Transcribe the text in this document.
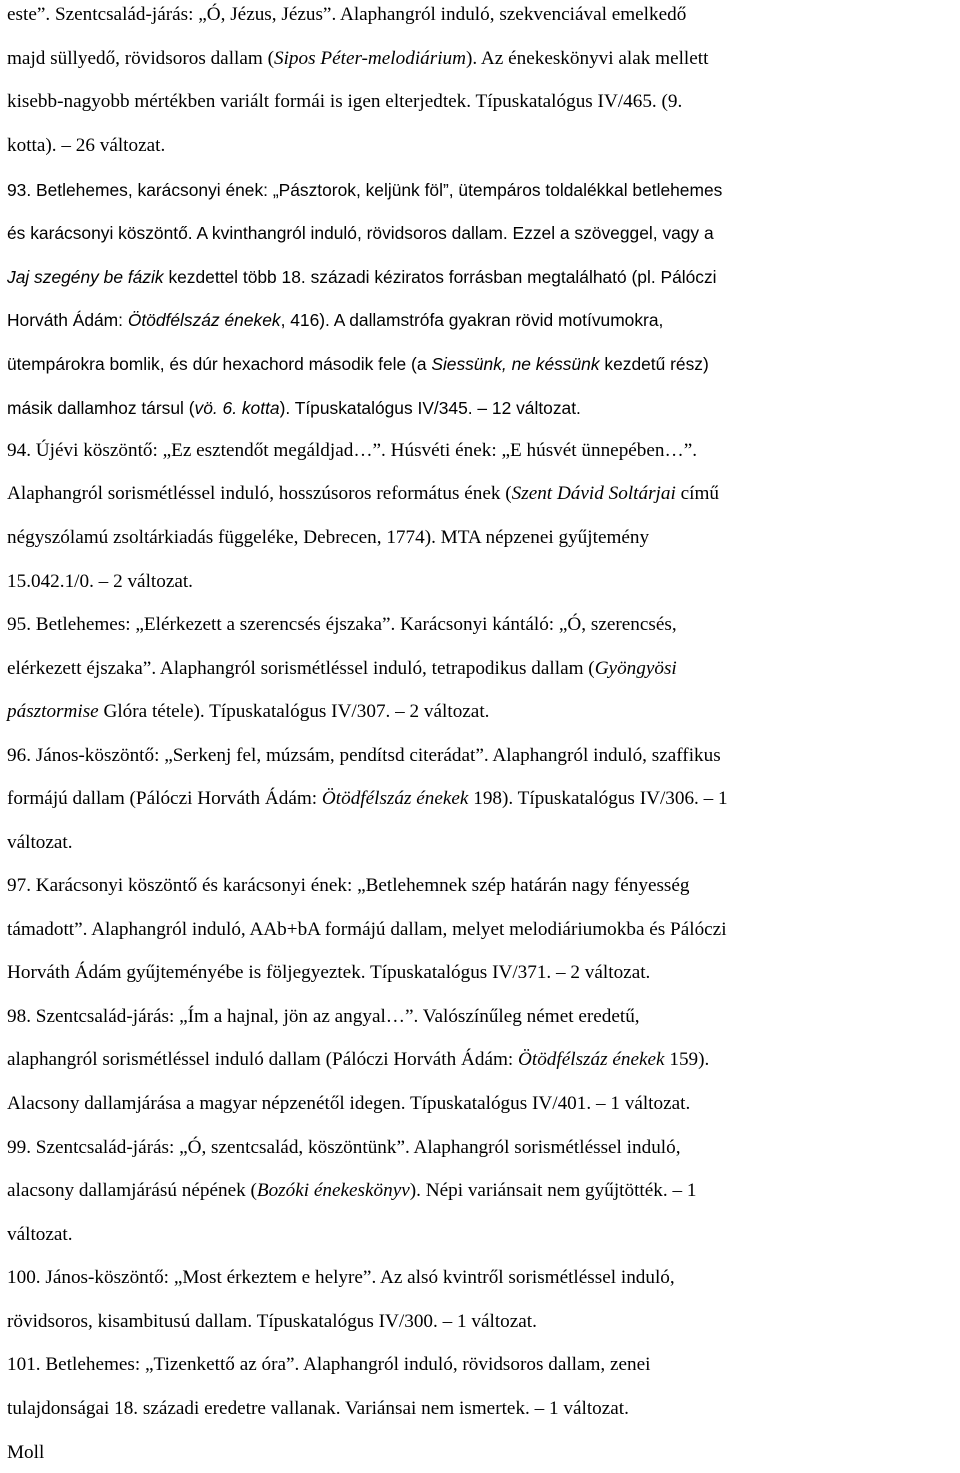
este”. Szentcsalád-járás: „Ó, Jézus, Jézus”. Alaphangról induló, szekvenciával emelkedő
majd süllyedő, rövidsoros dallam (Sipos Péter-melodiárium). Az énekeskönyvi alak mellett
kisebb-nagyobb mértékben variált formái is igen elterjedtek. Típuskatalógus IV/465. (9.
kotta). – 26 változat.
93. Betlehemes, karácsonyi ének: „Pásztorok, keljünk föl”, ütempáros toldalékkal betlehemes
és karácsonyi köszöntő. A kvinthangról induló, rövidsoros dallam. Ezzel a szöveggel, vagy a
Jaj szegény be fázik kezdettel több 18. századi kéziratos forrásban megtalálható (pl. Pálóczi
Horváth Ádám: Ötödfélszáz énekek, 416). A dallamstrófa gyakran rövid motívumokra,
ütempárokra bomlik, és dúr hexachord második fele (a Siessünk, ne késsünk kezdetű rész)
másik dallamhoz társul (vö. 6. kotta). Típuskatalógus IV/345. – 12 változat.
94. Újévi köszöntő: „Ez esztendőt megáldjad…”. Húsvéti ének: „E húsvét ünnepében…”.
Alaphangról sorismétléssel induló, hosszúsoros református ének (Szent Dávid Soltárjai című
négyszólamú zsoltárkiadás függeléke, Debrecen, 1774). MTA népzenei gyűjtemény
15.042.1/0. – 2 változat.
95. Betlehemes: „Elérkezett a szerencsés éjszaka”. Karácsonyi kántáló: „Ó, szerencsés,
elérkezett éjszaka”. Alaphangról sorismétléssel induló, tetrapodikus dallam (Gyöngyösi
pásztormise Glóra tétele). Típuskatalógus IV/307. – 2 változat.
96. János-köszöntő: „Serkenj fel, múzsám, pendítsd citerádat”. Alaphangról induló, szaffikus
formájú dallam (Pálóczi Horváth Ádám: Ötödfélszáz énekek 198). Típuskatalógus IV/306. – 1
változat.
97. Karácsonyi köszöntő és karácsonyi ének: „Betlehemnek szép határán nagy fényesség
támadott”. Alaphangról induló, AAb+bA formájú dallam, melyet melodiáriumokba és Pálóczi
Horváth Ádám gyűjteményébe is följegyeztek. Típuskatalógus IV/371. – 2 változat.
98. Szentcsalád-járás: „Ím a hajnal, jön az angyal…”. Valószínűleg német eredetű,
alaphangról sorismétléssel induló dallam (Pálóczi Horváth Ádám: Ötödfélszáz énekek 159).
Alacsony dallamjárása a magyar népzenétől idegen. Típuskatalógus IV/401. – 1 változat.
99. Szentcsalád-járás: „Ó, szentcsalád, köszöntünk”. Alaphangról sorismétléssel induló,
alacsony dallamjárású népének (Bozóki énekeskönyv). Népi variánsait nem gyűjtötték. – 1
változat.
100. János-köszöntő: „Most érkeztem e helyre”. Az alsó kvintről sorismétléssel induló,
rövidsoros, kisambitusú dallam. Típuskatalógus IV/300. – 1 változat.
101. Betlehemes: „Tizenkettő az óra”. Alaphangról induló, rövidsoros dallam, zenei
tulajdonságai 18. századi eredetre vallanak. Variánsai nem ismertek. – 1 változat.
Moll
